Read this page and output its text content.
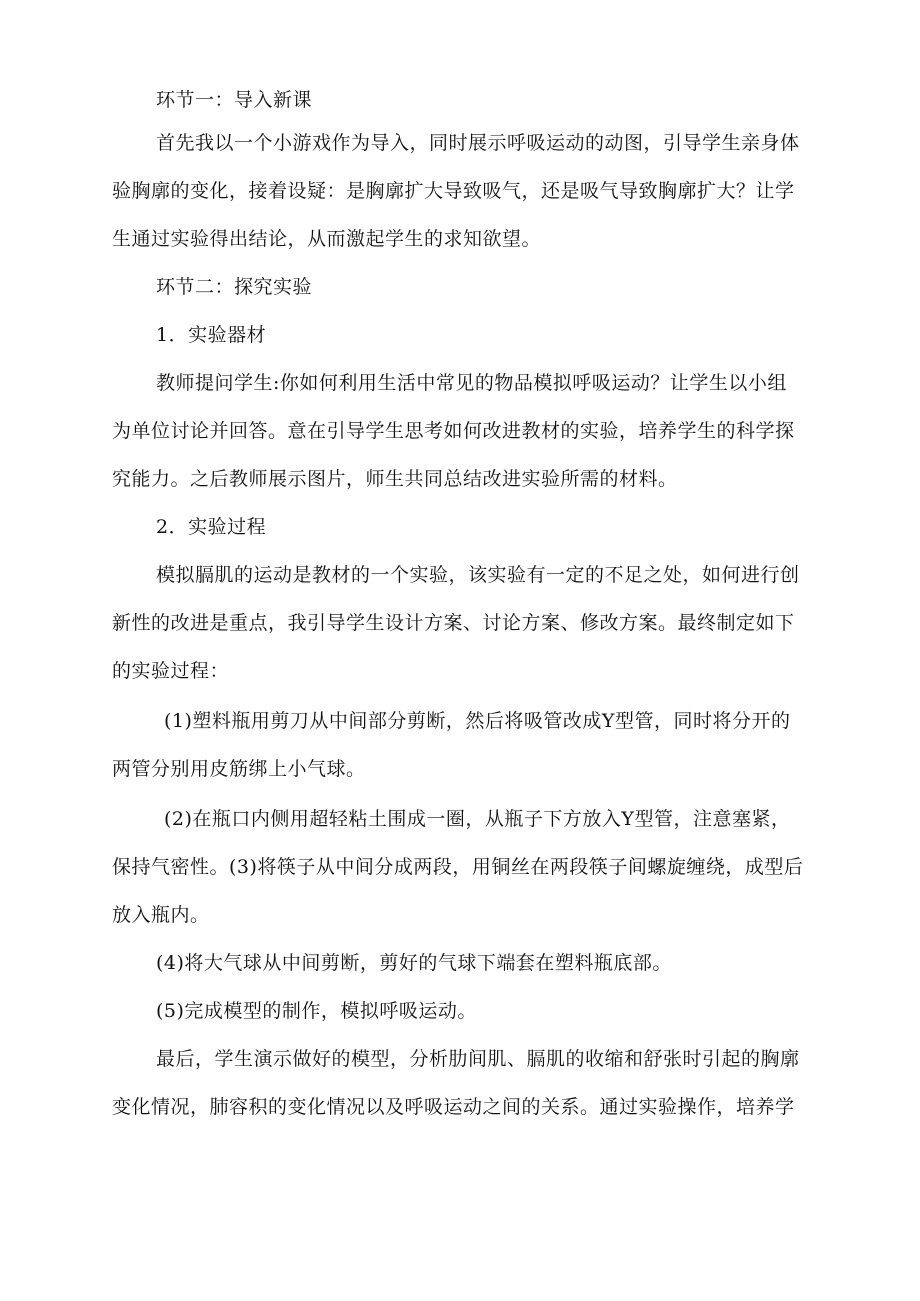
环节一：导入新课

首先我以一个小游戏作为导入，同时展示呼吸运动的动图，引导学生亲身体

验胸廓的变化，接着设疑：是胸廓扩大导致吸气，还是吸气导致胸廓扩大？让学

生通过实验得出结论，从而激起学生的求知欲望。

环节二：探究实验

1．实验器材

教师提问学生:你如何利用生活中常见的物品模拟呼吸运动？让学生以小组

为单位讨论并回答。意在引导学生思考如何改进教材的实验，培养学生的科学探

究能力。之后教师展示图片，师生共同总结改进实验所需的材料。

2．实验过程

模拟膈肌的运动是教材的一个实验，该实验有一定的不足之处，如何进行创

新性的改进是重点，我引导学生设计方案、讨论方案、修改方案。最终制定如下

的实验过程：

(1)塑料瓶用剪刀从中间部分剪断，然后将吸管改成Y型管，同时将分开的

两管分别用皮筋绑上小气球。

(2)在瓶口内侧用超轻粘土围成一圈，从瓶子下方放入Y型管，注意塞紧，

保持气密性。(3)将筷子从中间分成两段，用铜丝在两段筷子间螺旋缠绕，成型后

放入瓶内。

(4)将大气球从中间剪断，剪好的气球下端套在塑料瓶底部。

(5)完成模型的制作，模拟呼吸运动。

最后，学生演示做好的模型，分析肋间肌、膈肌的收缩和舒张时引起的胸廓

变化情况，肺容积的变化情况以及呼吸运动之间的关系。通过实验操作，培养学
